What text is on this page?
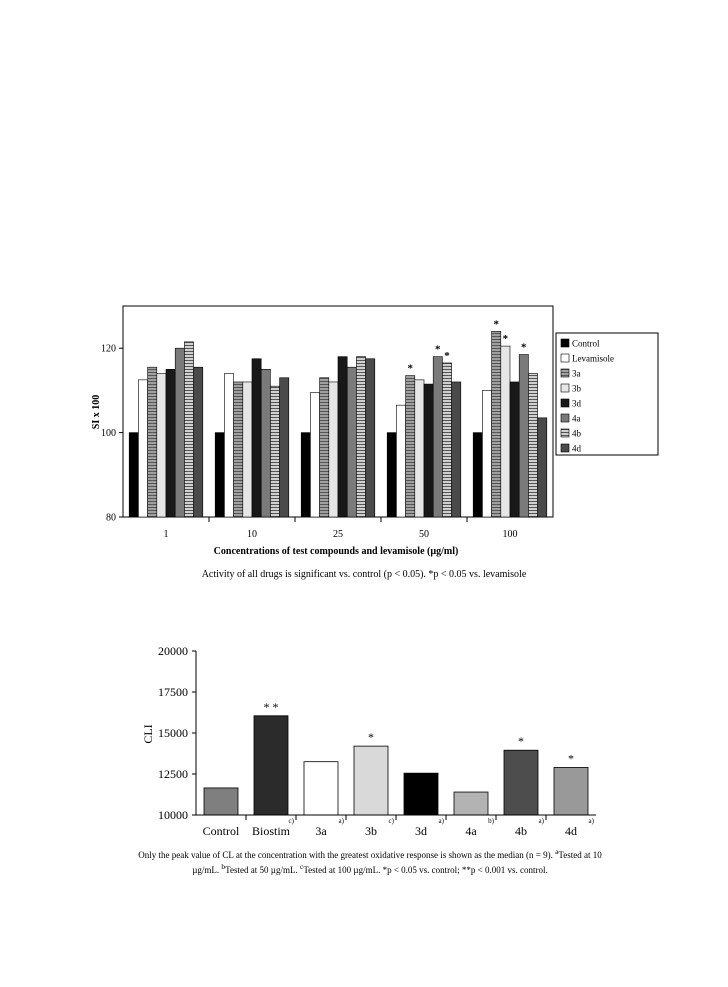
1	10	25	50	100
80
100
120
*
*
*
*
*
*
SI x 100
Concentrations of test compounds and levamisole (µg/ml)
Activity of all drugs is significant vs. control (p < 0.05). *p < 0.05 vs. levamisole
Control
Levamisole
3a
3b
3d
4a
4b
4d
Control
* *
c)
Biostim
a)
3a
*
c)
3b
a)
3d
b)
4a
*
a)
4b
*
a)
4d
10000
12500
15000
17500
20000
CLI
Only the peak value of CL at the concentration with the greatest oxidative response is shown as the median (n = 9). $^a$Tested at 10
µg/mL. $^b$Tested at 50 µg/mL. $^c$Tested at 100 µg/mL. *p < 0.05 vs. control; **p < 0.001 vs. control.
